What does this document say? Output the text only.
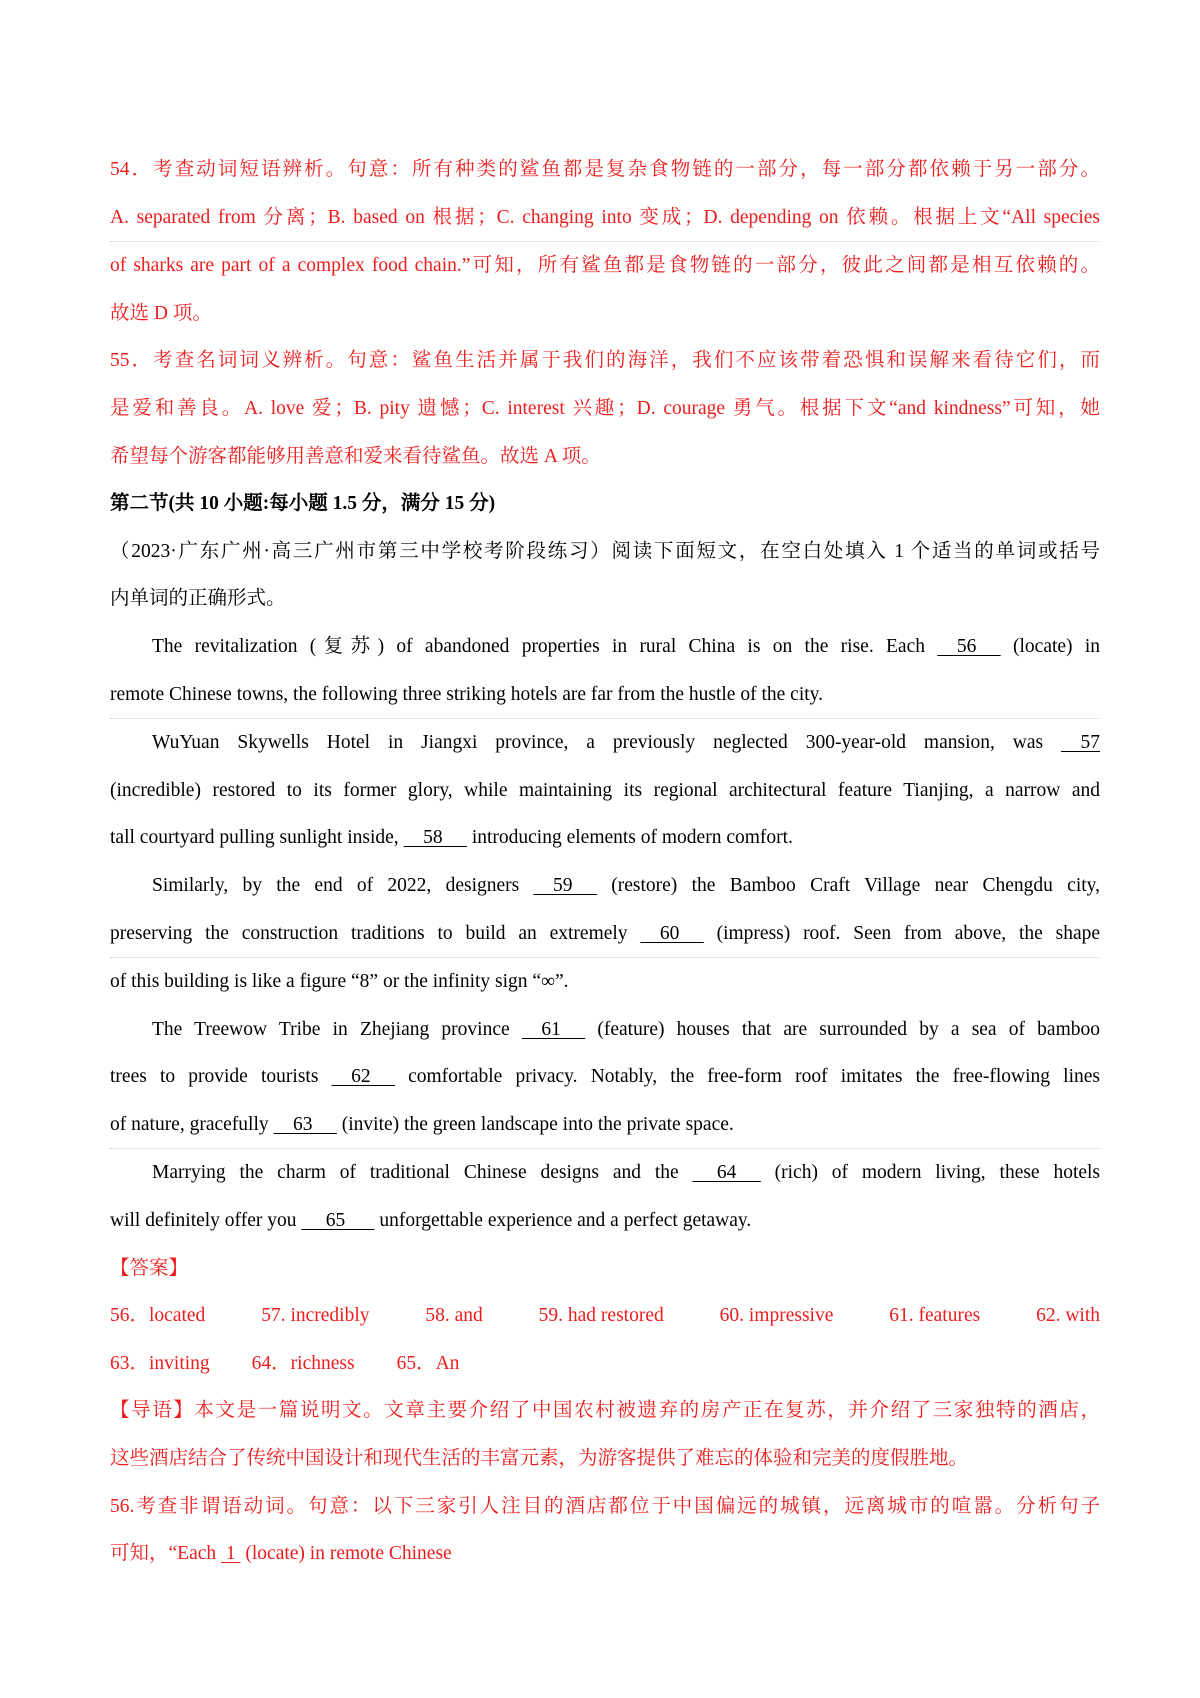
54．考查动词短语辨析。句意：所有种类的鲨鱼都是复杂食物链的一部分，每一部分都依赖于另一部分。
A. separated from 分离；B. based on 根据；C. changing into 变成；D. depending on 依赖。根据上文“All species
of sharks are part of a complex food chain.”可知，所有鲨鱼都是食物链的一部分，彼此之间都是相互依赖的。
故选 D 项。
55．考查名词词义辨析。句意：鲨鱼生活并属于我们的海洋，我们不应该带着恐惧和误解来看待它们，而
是爱和善良。A. love 爱；B. pity 遗憾；C. interest 兴趣；D. courage 勇气。根据下文“and kindness”可知，她
希望每个游客都能够用善意和爱来看待鲨鱼。故选 A 项。
第二节(共 10 小题:每小题 1.5 分，满分 15 分)
（2023·广东广州·高三广州市第三中学校考阶段练习）阅读下面短文，在空白处填入 1 个适当的单词或括号
内单词的正确形式。
The revitalization (复苏) of abandoned properties in rural China is on the rise. Each     56      (locate) in
remote Chinese towns, the following three striking hotels are far from the hustle of the city.
WuYuan Skywells Hotel in Jiangxi province, a previously neglected 300-year-old mansion, was     57
(incredible) restored to its former glory, while maintaining its regional architectural feature Tianjing, a narrow and
tall courtyard pulling sunlight inside,     58      introducing elements of modern comfort.
Similarly, by the end of 2022, designers     59      (restore) the Bamboo Craft Village near Chengdu city,
preserving the construction traditions to build an extremely     60      (impress) roof. Seen from above, the shape
of this building is like a figure “8” or the infinity sign “∞”.
The Treewow Tribe in Zhejiang province     61      (feature) houses that are surrounded by a sea of bamboo
trees to provide tourists     62      comfortable privacy. Notably, the free-form roof imitates the free-flowing lines
of nature, gracefully     63      (invite) the green landscape into the private space.
Marrying the charm of traditional Chinese designs and the      64      (rich) of modern living, these hotels
will definitely offer you      65       unforgettable experience and a perfect getaway.
【答案】
56．located	57. incredibly	58. and	59. had restored	60. impressive	61. features	62. with
63．inviting 64．richness 65．An
【导语】本文是一篇说明文。文章主要介绍了中国农村被遗弃的房产正在复苏，并介绍了三家独特的酒店，
这些酒店结合了传统中国设计和现代生活的丰富元素，为游客提供了难忘的体验和完美的度假胜地。
56.考查非谓语动词。句意：以下三家引人注目的酒店都位于中国偏远的城镇，远离城市的喧嚣。分析句子
可知，“Each  1  (locate) in remote Chinese
